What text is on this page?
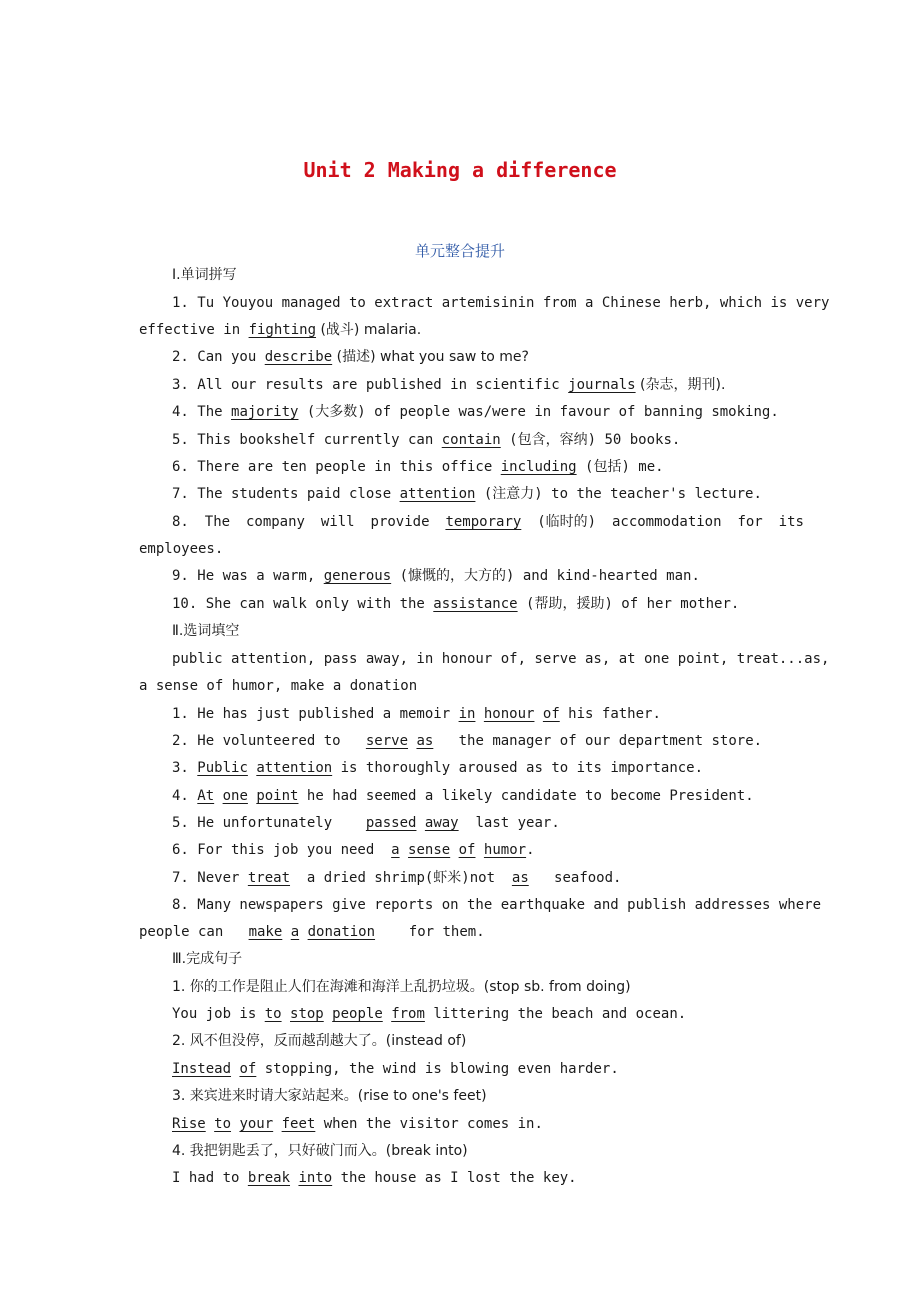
Unit 2 Making a difference
单元整合提升
Ⅰ.单词拼写
1. Tu Youyou managed to extract artemisinin from a Chinese herb, which is very
effective in fighting (战斗) malaria.
2. Can you describe (描述) what you saw to me?
3. All our results are published in scientific journals (杂志，期刊).
4. The majority (大多数) of people was/were in favour of banning smoking.
5. This bookshelf currently can contain (包含，容纳) 50 books.
6. There are ten people in this office including (包括) me.
7. The students paid close attention (注意力) to the teacher's lecture.
8. The company will provide temporary (临时的) accommodation for its
employees.
9. He was a warm, generous (慷慨的，大方的) and kind-hearted man.
10. She can walk only with the assistance (帮助，援助) of her mother.
Ⅱ.选词填空
public attention, pass away, in honour of, serve as, at one point, treat...as,
a sense of humor, make a donation
1. He has just published a memoir in honour of his father.
2. He volunteered to   serve as   the manager of our department store.
3. Public attention is thoroughly aroused as to its importance.
4. At one point he had seemed a likely candidate to become President.
5. He unfortunately    passed away  last year.
6. For this job you need  a sense of humor.
7. Never treat  a dried shrimp(虾米)not  as   seafood.
8. Many newspapers give reports on the earthquake and publish addresses where
people can   make a donation    for them.
Ⅲ.完成句子
1. 你的工作是阻止人们在海滩和海洋上乱扔垃圾。(stop sb. from doing)
You job is to stop people from littering the beach and ocean.
2. 风不但没停，反而越刮越大了。(instead of)
Instead of stopping, the wind is blowing even harder.
3. 来宾进来时请大家站起来。(rise to one's feet)
Rise to your feet when the visitor comes in.
4. 我把钥匙丢了，只好破门而入。(break into)
I had to break into the house as I lost the key.
